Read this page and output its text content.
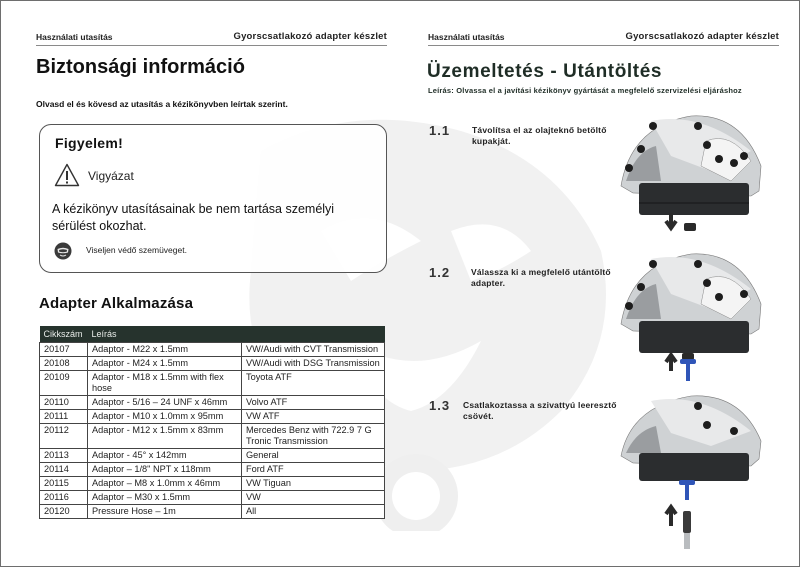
Használati utasítás	Gyorscsatlakozó adapter készlet
Biztonsági információ
Olvasd el és kövesd az utasítás a kézikönyvben leírtak szerint.
Figyelem!
Vigyázat
A kézikönyv utasításainak be nem tartása személyi sérülést okozhat.
Viseljen védő szemüveget.
Adapter Alkalmazása
Cikkszám	Leírás	
20107	Adaptor - M22 x 1.5mm	VW/Audi with CVT Transmission
20108	Adaptor - M24 x 1.5mm	VW/Audi with DSG Transmission
20109	Adaptor - M18 x 1.5mm with flex hose	Toyota ATF
20110	Adaptor - 5/16 – 24 UNF x 46mm	Volvo ATF
20111	Adaptor - M10 x 1.0mm x 95mm	VW ATF
20112	Adaptor - M12 x 1.5mm x 83mm	Mercedes Benz with 722.9 7 G Tronic Transmission
20113	Adaptor - 45° x 142mm	General
20114	Adaptor – 1/8" NPT x 118mm	Ford ATF
20115	Adaptor – M8 x 1.0mm x 46mm	VW Tiguan
20116	Adaptor – M30 x 1.5mm	VW
20120	Pressure Hose – 1m	All
Használati utasítás	Gyorscsatlakozó adapter készlet
Üzemeltetés - Utántöltés
Leírás: Olvassa el a javítási kézikönyv gyártását a megfelelő szervizelési eljáráshoz
1.1	Távolítsa el az olajteknő betöltő kupakját.
1.2 Válassza ki a megfelelő utántöltő adapter.
1.3 Csatlakoztassa a szivattyú leeresztő csövét.
